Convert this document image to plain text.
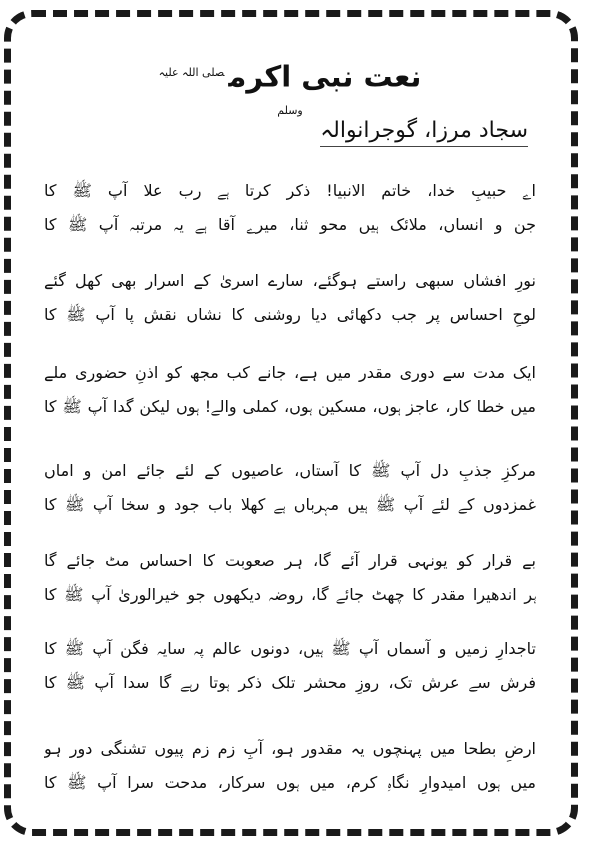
نعت نبی اکرم$^{صلی اللہ علیہ وسلم}$
سجاد مرزا، گوجرانوالہ
اے حبیبِ خدا، خاتم الانبیا! ذکر کرتا ہے رب علا آپ ﷺ کا
جن و انساں، ملائک ہیں محو ثنا، میرے آقا ہے یہ مرتبہ آپ ﷺ کا
نورِ افشاں سبھی راستے ہوگئے، سارے اسریٰ کے اسرار بھی کھل گئے
لوحِ احساس پر جب دکھائی دیا روشنی کا نشاں نقش پا آپ ﷺ کا
ایک مدت سے دوری مقدر میں ہے، جانے کب مجھ کو اذنِ حضوری ملے
میں خطا کار، عاجز ہوں، مسکین ہوں، کملی والے! ہوں لیکن گدا آپ ﷺ کا
مرکزِ جذبِ دل آپ ﷺ کا آستاں، عاصیوں کے لئے جائے امن و اماں
غمزدوں کے لئے آپ ﷺ ہیں مہرباں ہے کھلا باب جود و سخا آپ ﷺ کا
بے قرار کو یونہی قرار آئے گا، ہر صعوبت کا احساس مٹ جائے گا
ہر اندھیرا مقدر کا چھٹ جائے گا، روضہ دیکھوں جو خیرالوریٰ آپ ﷺ کا
تاجدارِ زمیں و آسماں آپ ﷺ ہیں، دونوں عالم پہ سایہ فگن آپ ﷺ کا
فرش سے عرش تک، روزِ محشر تلک ذکر ہوتا رہے گا سدا آپ ﷺ کا
ارضِ بطحا میں پہنچوں یہ مقدور ہو، آبِ زم زم پیوں تشنگی دور ہو
میں ہوں امیدوارِ نگاہِ کرم، میں ہوں سرکار، مدحت سرا آپ ﷺ کا
